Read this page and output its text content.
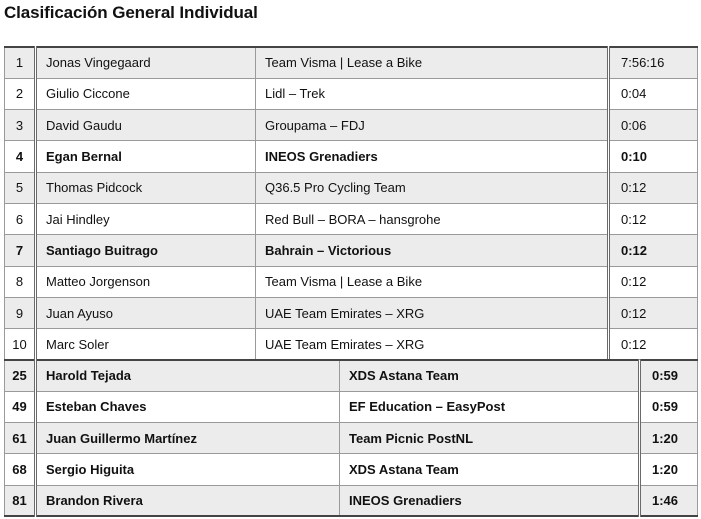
Clasificación General Individual
1	Jonas Vingegaard	Team Visma | Lease a Bike	7:56:16
2	Giulio Ciccone	Lidl – Trek	0:04
3	David Gaudu	Groupama – FDJ	0:06
4	Egan Bernal	INEOS Grenadiers	0:10
5	Thomas Pidcock	Q36.5 Pro Cycling Team	0:12
6	Jai Hindley	Red Bull – BORA – hansgrohe	0:12
7	Santiago Buitrago	Bahrain – Victorious	0:12
8	Matteo Jorgenson	Team Visma | Lease a Bike	0:12
9	Juan Ayuso	UAE Team Emirates – XRG	0:12
10	Marc Soler	UAE Team Emirates – XRG	0:12
25	Harold Tejada	XDS Astana Team	0:59
49	Esteban Chaves	EF Education – EasyPost	0:59
61	Juan Guillermo Martínez	Team Picnic PostNL	1:20
68	Sergio Higuita	XDS Astana Team	1:20
81	Brandon Rivera	INEOS Grenadiers	1:46
